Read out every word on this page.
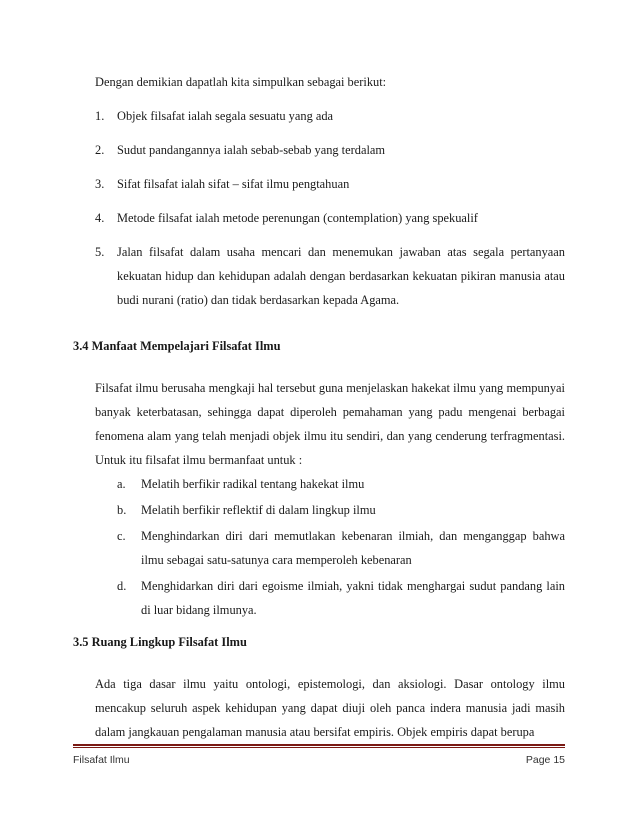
Dengan demikian dapatlah kita simpulkan sebagai berikut:

1.	Objek filsafat ialah segala sesuatu yang ada
2.	Sudut pandangannya ialah sebab-sebab yang terdalam
3.	Sifat filsafat ialah sifat – sifat ilmu pengtahuan
4.	Metode filsafat ialah metode perenungan (contemplation) yang spekualif
5.	Jalan filsafat dalam usaha mencari dan menemukan jawaban atas segala pertanyaan kekuatan hidup dan kehidupan adalah dengan berdasarkan kekuatan pikiran manusia atau budi nurani (ratio) dan tidak berdasarkan kepada Agama.
3.4 Manfaat Mempelajari Filsafat Ilmu

Filsafat ilmu berusaha mengkaji hal tersebut guna menjelaskan hakekat ilmu yang mempunyai banyak keterbatasan, sehingga dapat diperoleh pemahaman yang padu mengenai berbagai fenomena alam yang telah menjadi objek ilmu itu sendiri, dan yang cenderung terfragmentasi. Untuk itu filsafat ilmu bermanfaat untuk :

a.	Melatih berfikir radikal tentang hakekat ilmu
b.	Melatih berfikir reflektif di dalam lingkup ilmu
c.	Menghindarkan diri dari memutlakan kebenaran ilmiah, dan menganggap bahwa ilmu sebagai satu-satunya cara memperoleh kebenaran
d.	Menghidarkan diri dari egoisme ilmiah, yakni tidak menghargai sudut pandang lain di luar bidang ilmunya.
3.5 Ruang Lingkup Filsafat Ilmu

Ada tiga dasar ilmu yaitu ontologi, epistemologi, dan aksiologi. Dasar ontology ilmu mencakup seluruh aspek kehidupan yang dapat diuji oleh panca indera manusia jadi masih dalam jangkauan pengalaman manusia atau bersifat empiris. Objek empiris dapat berupa

Filsafat Ilmu	Page 15
